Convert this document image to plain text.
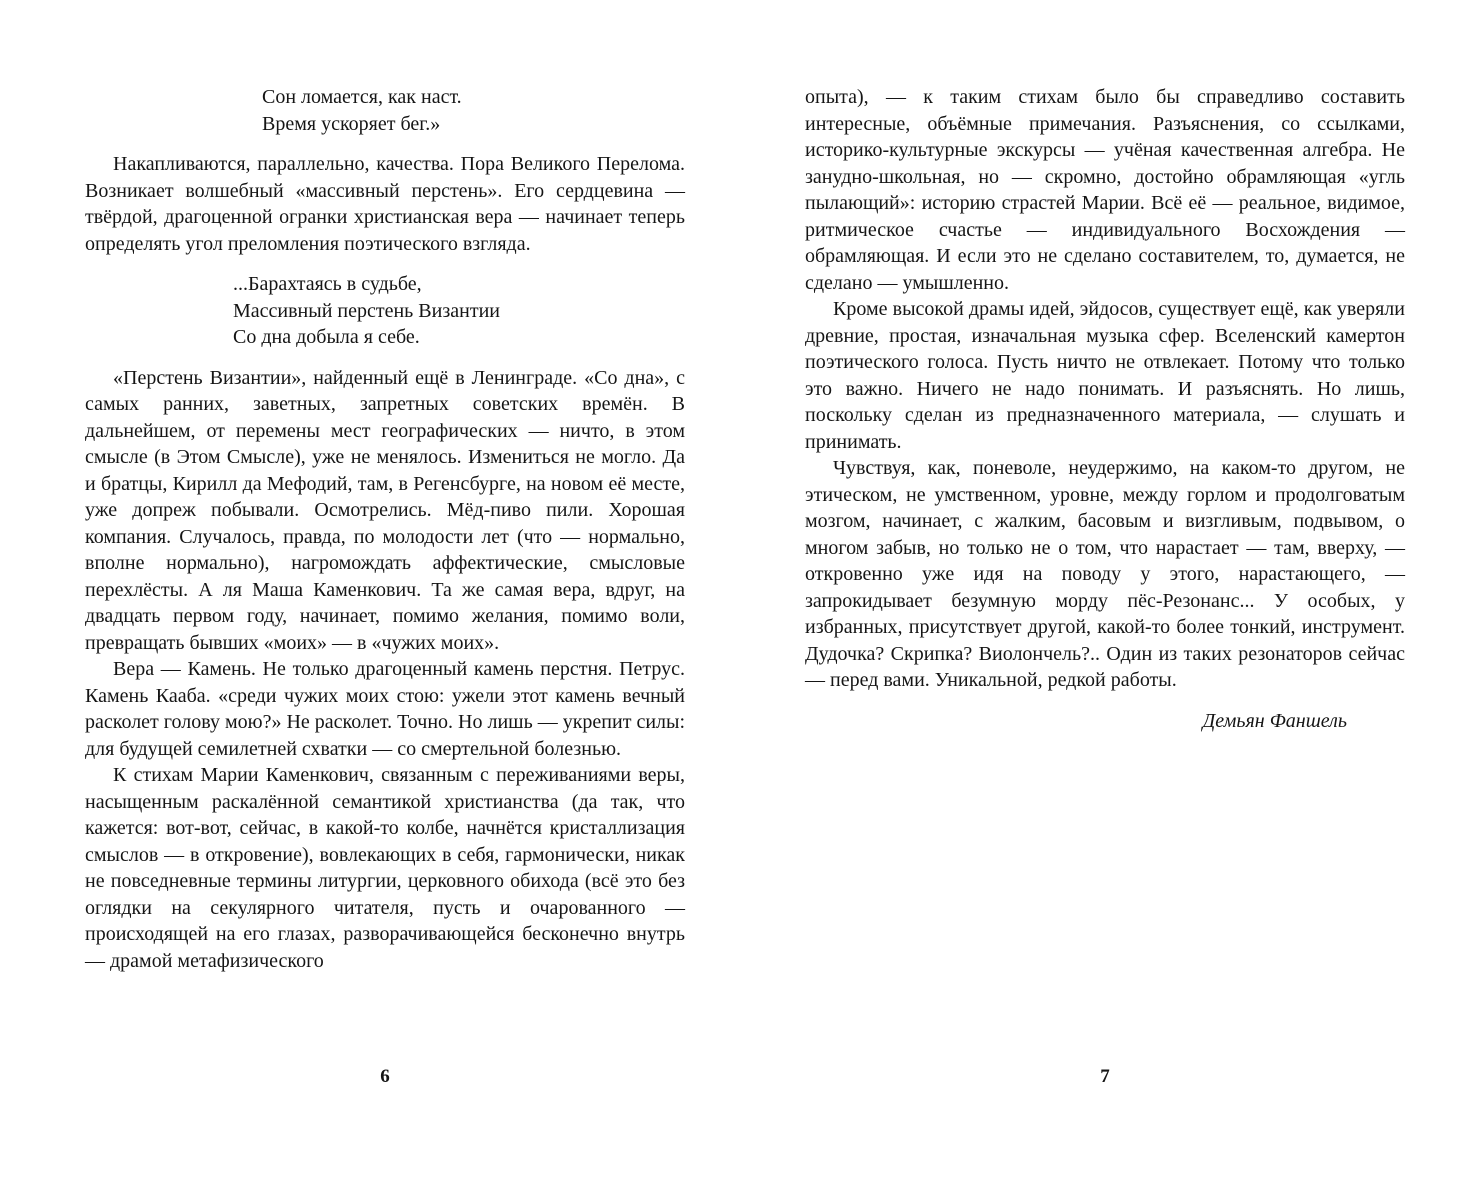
Сон ломается, как наст.
Время ускоряет бег.»

Накапливаются, параллельно, качества. Пора Великого Перелома. Возникает волшебный «массивный перстень». Его сердцевина — твёрдой, драгоценной огранки христианская вера — начинает теперь определять угол преломления поэтического взгляда.

...Барахтаясь в судьбе,
Массивный перстень Византии
Со дна добыла я себе.

«Перстень Византии», найденный ещё в Ленинграде. «Со дна», с самых ранних, заветных, запретных советских времён. В дальнейшем, от перемены мест географических — ничто, в этом смысле (в Этом Смысле), уже не менялось. Измениться не могло. Да и братцы, Кирилл да Мефодий, там, в Регенсбурге, на новом её месте, уже допреж побывали. Осмотрелись. Мёд-пиво пили. Хорошая компания. Случалось, правда, по молодости лет (что — нормально, вполне нормально), нагромождать аффектические, смысловые перехлёсты. А ля Маша Каменкович. Та же самая вера, вдруг, на двадцать первом году, начинает, помимо желания, помимо воли, превращать бывших «моих» — в «чужих моих».

Вера — Камень. Не только драгоценный камень перстня. Петрус. Камень Кааба. «среди чужих моих стою: ужели этот камень вечный расколет голову мою?» Не расколет. Точно. Но лишь — укрепит силы: для будущей семилетней схватки — со смертельной болезнью.

К стихам Марии Каменкович, связанным с переживаниями веры, насыщенным раскалённой семантикой христианства (да так, что кажется: вот-вот, сейчас, в какой-то колбе, начнётся кристаллизация смыслов — в откровение), вовлекающих в себя, гармонически, никак не повседневные термины литургии, церковного обихода (всё это без оглядки на секулярного читателя, пусть и очарованного — происходящей на его глазах, разворачивающейся бесконечно внутрь — драмой метафизического

опыта), — к таким стихам было бы справедливо составить интересные, объёмные примечания. Разъяснения, со ссылками, историко-культурные экскурсы — учёная качественная алгебра. Не занудно-школьная, но — скромно, достойно обрамляющая «угль пылающий»: историю страстей Марии. Всё её — реальное, видимое, ритмическое счастье — индивидуального Восхождения — обрамляющая. И если это не сделано составителем, то, думается, не сделано — умышленно.

Кроме высокой драмы идей, эйдосов, существует ещё, как уверяли древние, простая, изначальная музыка сфер. Вселенский камертон поэтического голоса. Пусть ничто не отвлекает. Потому что только это важно. Ничего не надо понимать. И разъяснять. Но лишь, поскольку сделан из предназначенного материала, — слушать и принимать.

Чувствуя, как, поневоле, неудержимо, на каком-то другом, не этическом, не умственном, уровне, между горлом и продолговатым мозгом, начинает, с жалким, басовым и визгливым, подвывом, о многом забыв, но только не о том, что нарастает — там, вверху, — откровенно уже идя на поводу у этого, нарастающего, — запрокидывает безумную морду пёс-Резонанс... У особых, у избранных, присутствует другой, какой-то более тонкий, инструмент. Дудочка? Скрипка? Виолончель?.. Один из таких резонаторов сейчас — перед вами. Уникальной, редкой работы.

Демьян Фаншель
6	7
